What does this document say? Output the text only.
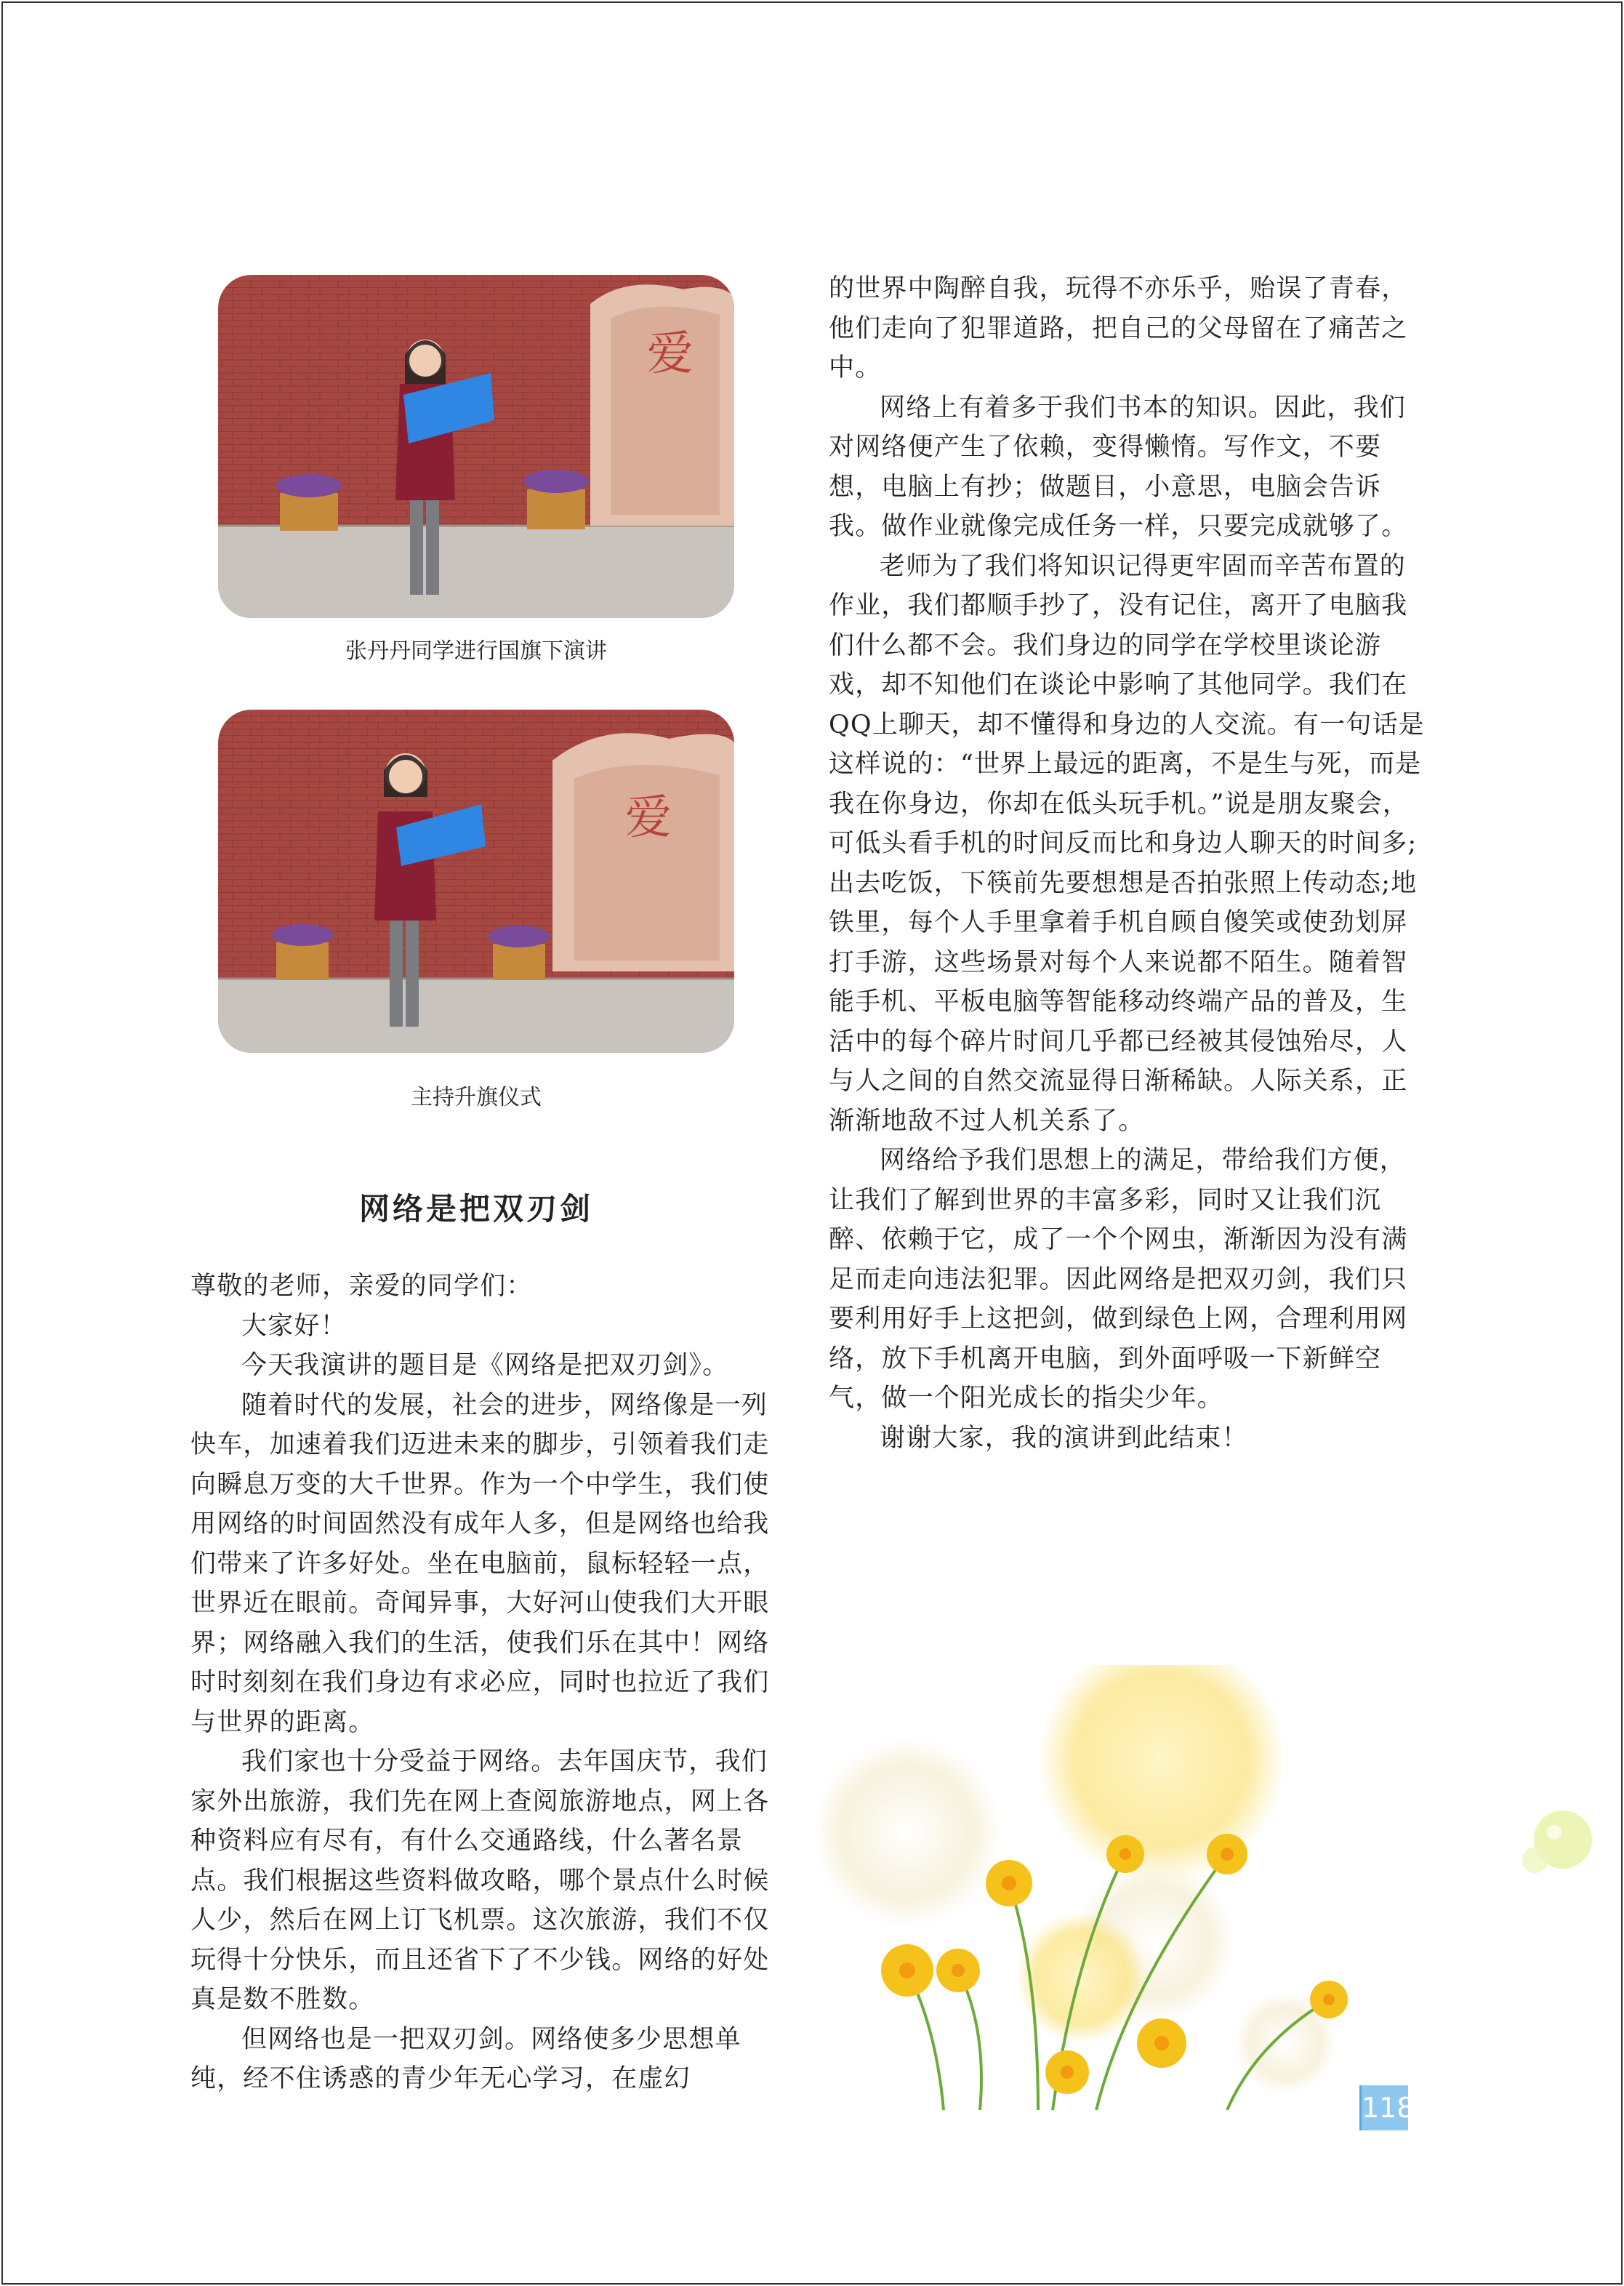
爱
张丹丹同学进行国旗下演讲
爱
主持升旗仪式
网络是把双刃剑

尊敬的老师，亲爱的同学们：

大家好！

今天我演讲的题目是《网络是把双刃剑》。

随着时代的发展，社会的进步，网络像是一列快车，加速着我们迈进未来的脚步，引领着我们走向瞬息万变的大千世界。作为一个中学生，我们使用网络的时间固然没有成年人多，但是网络也给我们带来了许多好处。坐在电脑前，鼠标轻轻一点，世界近在眼前。奇闻异事，大好河山使我们大开眼界；网络融入我们的生活，使我们乐在其中！网络时时刻刻在我们身边有求必应，同时也拉近了我们与世界的距离。

我们家也十分受益于网络。去年国庆节，我们家外出旅游，我们先在网上查阅旅游地点，网上各种资料应有尽有，有什么交通路线，什么著名景点。我们根据这些资料做攻略，哪个景点什么时候人少，然后在网上订飞机票。这次旅游，我们不仅玩得十分快乐，而且还省下了不少钱。网络的好处真是数不胜数。

但网络也是一把双刃剑。网络使多少思想单纯，经不住诱惑的青少年无心学习，在虚幻

的世界中陶醉自我，玩得不亦乐乎，贻误了青春，他们走向了犯罪道路，把自己的父母留在了痛苦之中。

网络上有着多于我们书本的知识。因此，我们对网络便产生了依赖，变得懒惰。写作文，不要想，电脑上有抄；做题目，小意思，电脑会告诉我。做作业就像完成任务一样，只要完成就够了。

老师为了我们将知识记得更牢固而辛苦布置的作业，我们都顺手抄了，没有记住，离开了电脑我们什么都不会。我们身边的同学在学校里谈论游戏，却不知他们在谈论中影响了其他同学。我们在QQ上聊天，却不懂得和身边的人交流。有一句话是这样说的：“世界上最远的距离，不是生与死，而是我在你身边，你却在低头玩手机。”说是朋友聚会，可低头看手机的时间反而比和身边人聊天的时间多;出去吃饭，下筷前先要想想是否拍张照上传动态;地铁里，每个人手里拿着手机自顾自傻笑或使劲划屏打手游，这些场景对每个人来说都不陌生。随着智能手机、平板电脑等智能移动终端产品的普及，生活中的每个碎片时间几乎都已经被其侵蚀殆尽，人与人之间的自然交流显得日渐稀缺。人际关系，正渐渐地敌不过人机关系了。

网络给予我们思想上的满足，带给我们方便，让我们了解到世界的丰富多彩，同时又让我们沉醉、依赖于它，成了一个个网虫，渐渐因为没有满足而走向违法犯罪。因此网络是把双刃剑，我们只要利用好手上这把剑，做到绿色上网，合理利用网络，放下手机离开电脑，到外面呼吸一下新鲜空气，做一个阳光成长的指尖少年。

谢谢大家，我的演讲到此结束！

118
